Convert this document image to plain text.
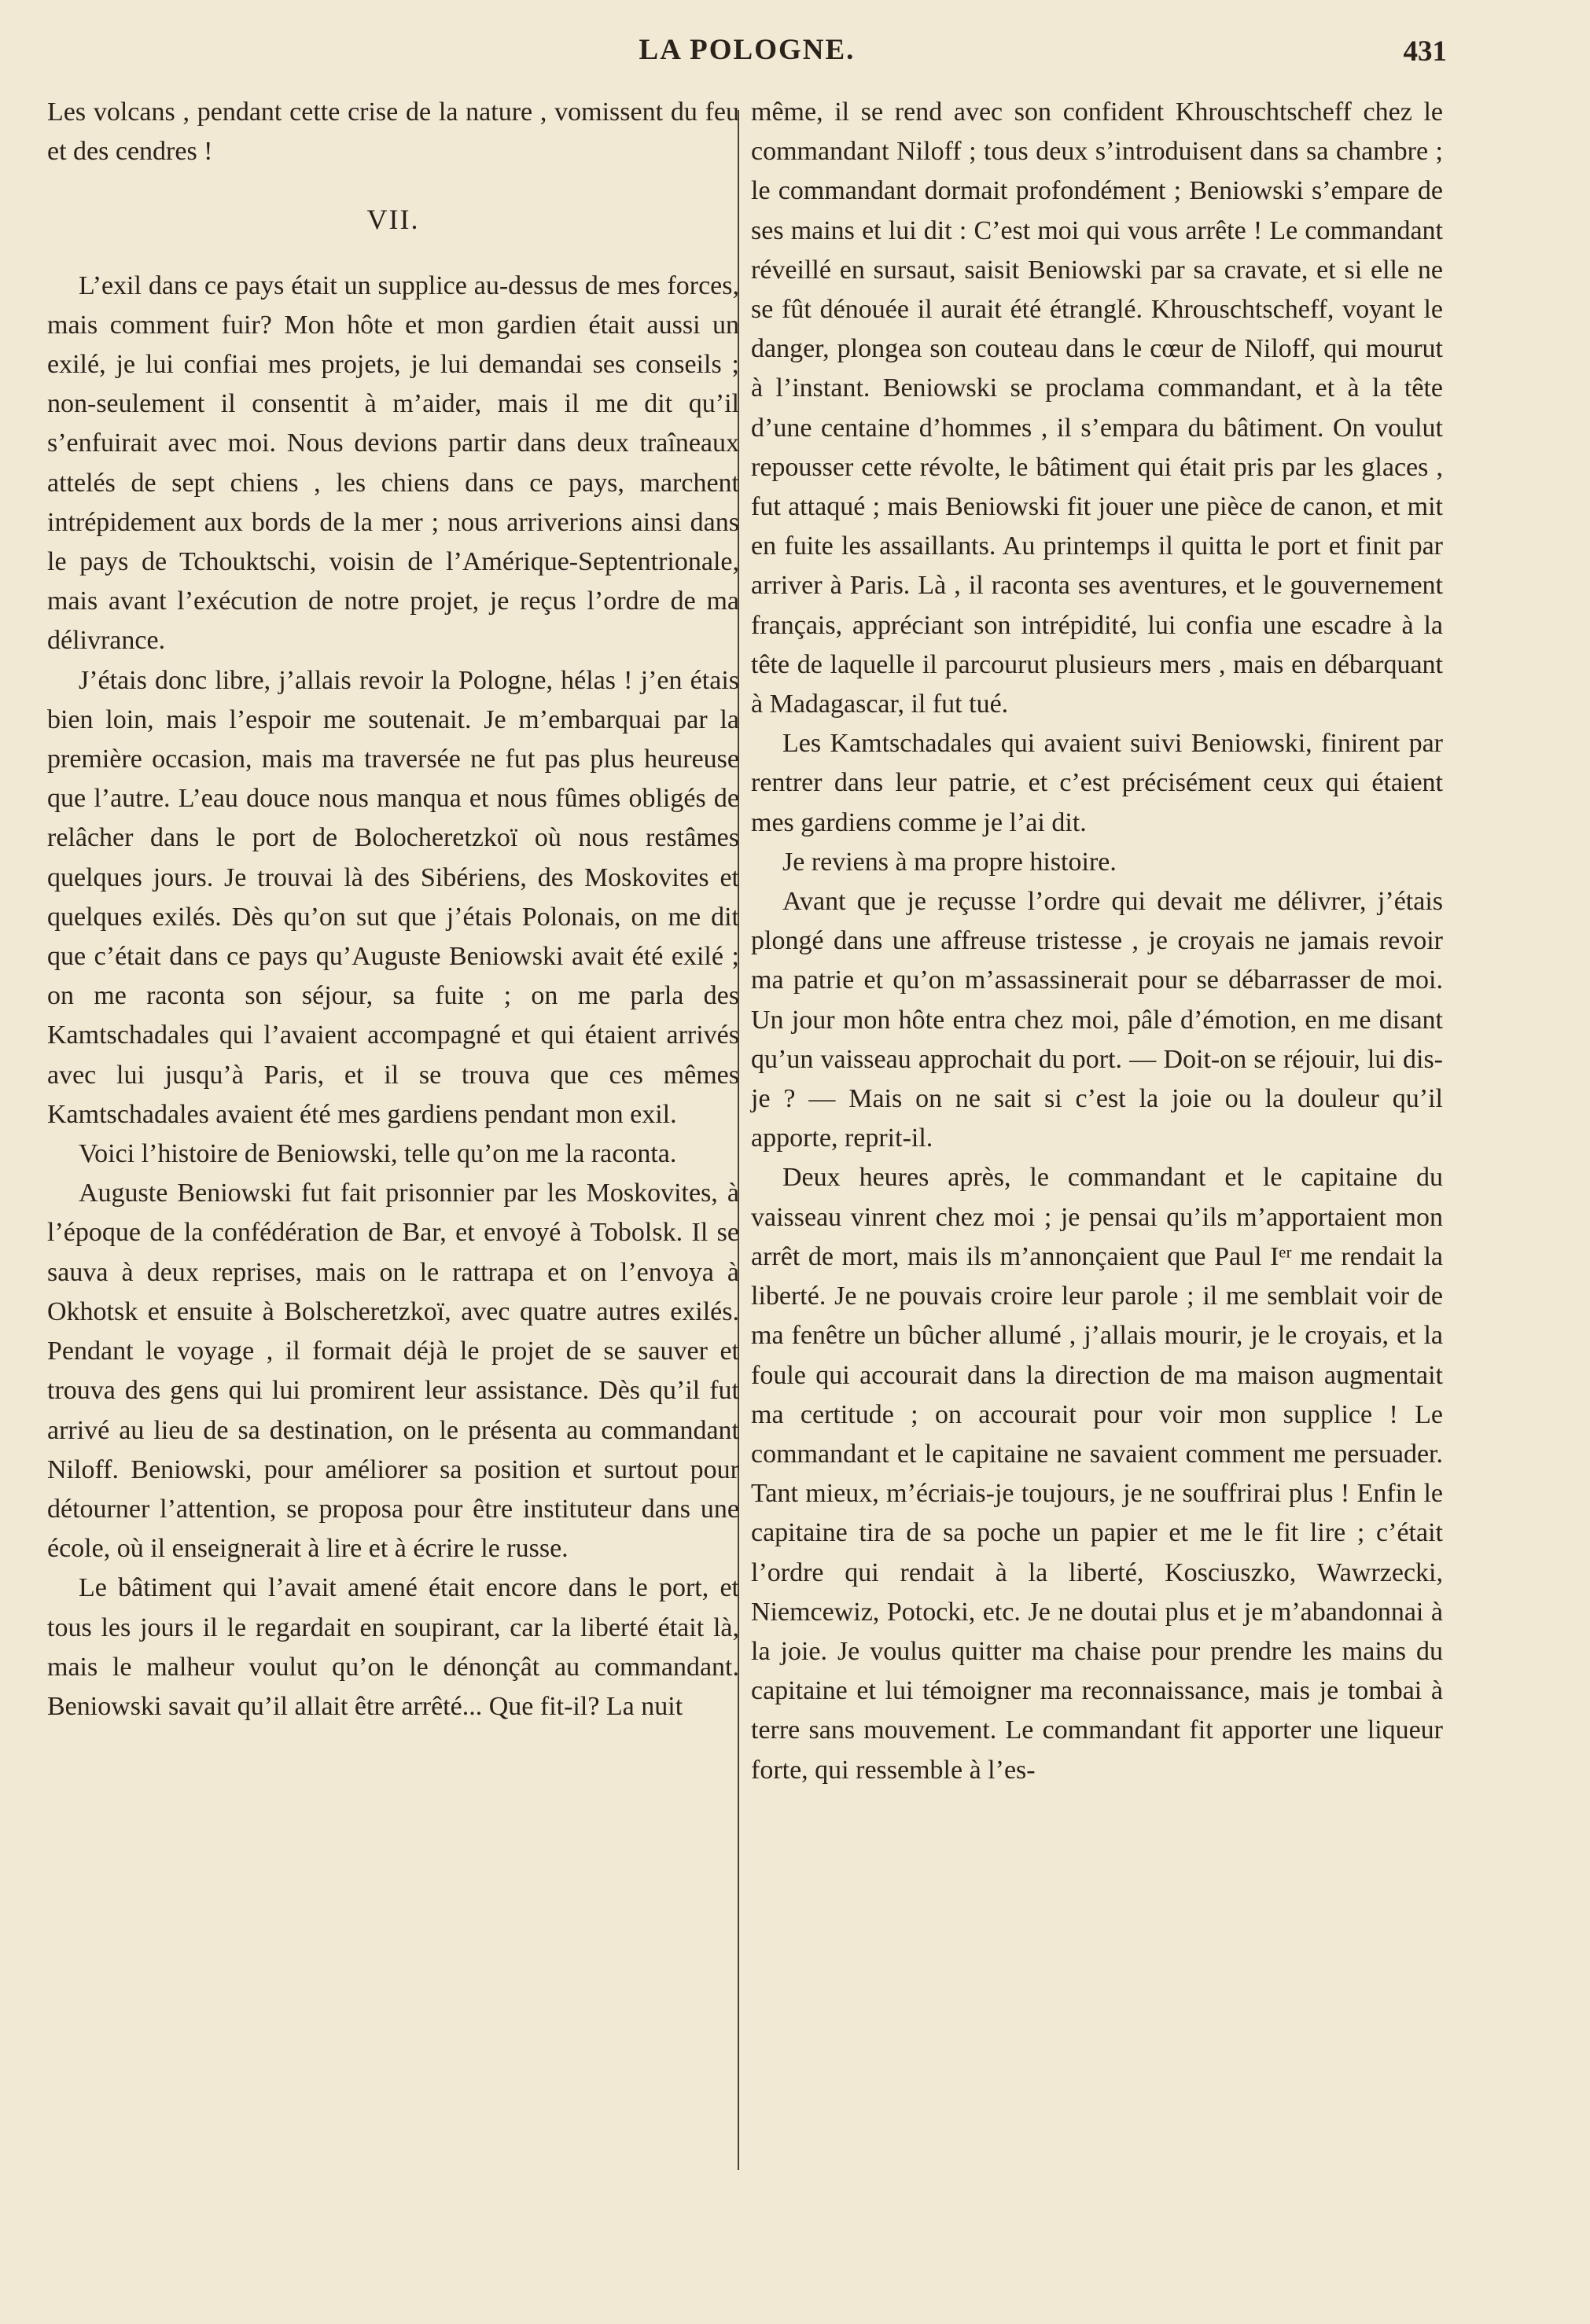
LA POLOGNE.	431

Les volcans , pendant cette crise de la nature , vomissent du feu et des cendres !

VII.

L’exil dans ce pays était un supplice au-dessus de mes forces, mais comment fuir? Mon hôte et mon gardien était aussi un exilé, je lui confiai mes projets, je lui demandai ses conseils ; non-seulement il consentit à m’aider, mais il me dit qu’il s’enfuirait avec moi. Nous devions partir dans deux traîneaux attelés de sept chiens , les chiens dans ce pays, marchent intrépidement aux bords de la mer ; nous arriverions ainsi dans le pays de Tchouktschi, voisin de l’Amérique-Septentrionale, mais avant l’exécution de notre projet, je reçus l’ordre de ma délivrance.

J’étais donc libre, j’allais revoir la Pologne, hélas ! j’en étais bien loin, mais l’espoir me soutenait. Je m’embarquai par la première occasion, mais ma traversée ne fut pas plus heureuse que l’autre. L’eau douce nous manqua et nous fûmes obligés de relâcher dans le port de Bolocheretzkoï où nous restâmes quelques jours. Je trouvai là des Sibériens, des Moskovites et quelques exilés. Dès qu’on sut que j’étais Polonais, on me dit que c’était dans ce pays qu’Auguste Beniowski avait été exilé ; on me raconta son séjour, sa fuite ; on me parla des Kamtschadales qui l’avaient accompagné et qui étaient arrivés avec lui jusqu’à Paris, et il se trouva que ces mêmes Kamtschadales avaient été mes gardiens pendant mon exil.

Voici l’histoire de Beniowski, telle qu’on me la raconta.

Auguste Beniowski fut fait prisonnier par les Moskovites, à l’époque de la confédération de Bar, et envoyé à Tobolsk. Il se sauva à deux reprises, mais on le rattrapa et on l’envoya à Okhotsk et ensuite à Bolscheretzkoï, avec quatre autres exilés. Pendant le voyage , il formait déjà le projet de se sauver et trouva des gens qui lui promirent leur assistance. Dès qu’il fut arrivé au lieu de sa destination, on le présenta au commandant Niloff. Beniowski, pour améliorer sa position et surtout pour détourner l’attention, se proposa pour être instituteur dans une école, où il enseignerait à lire et à écrire le russe.

Le bâtiment qui l’avait amené était encore dans le port, et tous les jours il le regardait en soupirant, car la liberté était là, mais le malheur voulut qu’on le dénonçât au commandant. Beniowski savait qu’il allait être arrêté... Que fit-il? La nuit

même, il se rend avec son confident Khrouschtscheff chez le commandant Niloff ; tous deux s’introduisent dans sa chambre ; le commandant dormait profondément ; Beniowski s’empare de ses mains et lui dit : C’est moi qui vous arrête ! Le commandant réveillé en sursaut, saisit Beniowski par sa cravate, et si elle ne se fût dénouée il aurait été étranglé. Khrouschtscheff, voyant le danger, plongea son couteau dans le cœur de Niloff, qui mourut à l’instant. Beniowski se proclama commandant, et à la tête d’une centaine d’hommes , il s’empara du bâtiment. On voulut repousser cette révolte, le bâtiment qui était pris par les glaces , fut attaqué ; mais Beniowski fit jouer une pièce de canon, et mit en fuite les assaillants. Au printemps il quitta le port et finit par arriver à Paris. Là , il raconta ses aventures, et le gouvernement français, appréciant son intrépidité, lui confia une escadre à la tête de laquelle il parcourut plusieurs mers , mais en débarquant à Madagascar, il fut tué.

Les Kamtschadales qui avaient suivi Beniowski, finirent par rentrer dans leur patrie, et c’est précisément ceux qui étaient mes gardiens comme je l’ai dit.

Je reviens à ma propre histoire.

Avant que je reçusse l’ordre qui devait me délivrer, j’étais plongé dans une affreuse tristesse , je croyais ne jamais revoir ma patrie et qu’on m’assassinerait pour se débarrasser de moi. Un jour mon hôte entra chez moi, pâle d’émotion, en me disant qu’un vaisseau approchait du port. — Doit-on se réjouir, lui dis-je ? — Mais on ne sait si c’est la joie ou la douleur qu’il apporte, reprit-il.

Deux heures après, le commandant et le capitaine du vaisseau vinrent chez moi ; je pensai qu’ils m’apportaient mon arrêt de mort, mais ils m’annonçaient que Paul Iᵉʳ me rendait la liberté. Je ne pouvais croire leur parole ; il me semblait voir de ma fenêtre un bûcher allumé , j’allais mourir, je le croyais, et la foule qui accourait dans la direction de ma maison augmentait ma certitude ; on accourait pour voir mon supplice ! Le commandant et le capitaine ne savaient comment me persuader. Tant mieux, m’écriais-je toujours, je ne souffrirai plus ! Enfin le capitaine tira de sa poche un papier et me le fit lire ; c’était l’ordre qui rendait à la liberté, Kosciuszko, Wawrzecki, Niemcewiz, Potocki, etc. Je ne doutai plus et je m’abandonnai à la joie. Je voulus quitter ma chaise pour prendre les mains du capitaine et lui témoigner ma reconnaissance, mais je tombai à terre sans mouvement. Le commandant fit apporter une liqueur forte, qui ressemble à l’es-
